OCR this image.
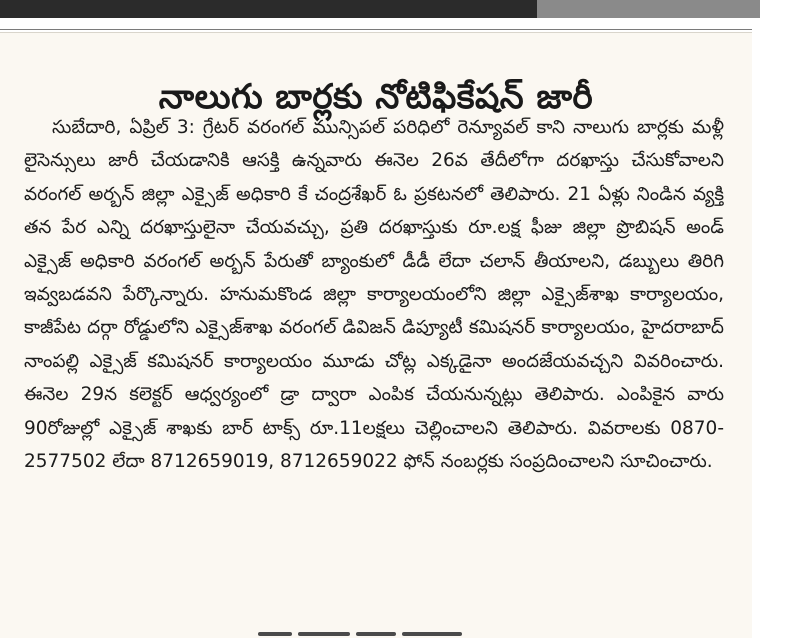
నాలుగు బార్లకు నోటిఫికేషన్ జారీ

సుబేదారి, ఏప్రిల్ 3: గ్రేటర్ వరంగల్ మున్సిపల్ పరిధిలో రెన్యూవల్ కాని నాలుగు బార్లకు మళ్లీ లైసెన్సులు జారీ చేయడానికి ఆసక్తి ఉన్నవారు ఈనెల 26వ తేదీలోగా దరఖాస్తు చేసుకోవాలని వరంగల్ అర్బన్ జిల్లా ఎక్సైజ్ అధికారి కే చంద్రశేఖర్ ఓ ప్రకటనలో తెలిపారు. 21 ఏళ్లు నిండిన వ్యక్తి తన పేర ఎన్ని దరఖాస్తులైనా చేయవచ్చు, ప్రతి దరఖాస్తుకు రూ.లక్ష ఫీజు జిల్లా ప్రొబిషన్ అండ్ ఎక్సైజ్ అధికారి వరంగల్ అర్బన్ పేరుతో బ్యాంకులో డీడీ లేదా చలాన్ తీయాలని, డబ్బులు తిరిగి ఇవ్వబడవని పేర్కొన్నారు. హనుమకొండ జిల్లా కార్యాలయంలోని జిల్లా ఎక్సైజ్‌శాఖ కార్యాలయం, కాజీపేట దర్గా రోడ్డులోని ఎక్సైజ్‌శాఖ వరంగల్ డివిజన్ డిప్యూటీ కమిషనర్ కార్యాలయం, హైదరాబాద్ నాంపల్లి ఎక్సైజ్ కమిషనర్ కార్యాలయం మూడు చోట్ల ఎక్కడైనా అందజేయవచ్చని వివరించారు. ఈనెల 29న కలెక్టర్ ఆధ్వర్యంలో డ్రా ద్వారా ఎంపిక చేయనున్నట్లు తెలిపారు. ఎంపికైన వారు 90రోజుల్లో ఎక్సైజ్ శాఖకు బార్ టాక్స్ రూ.11లక్షలు చెల్లించాలని తెలిపారు. వివరాలకు 0870-2577502 లేదా 8712659019, 8712659022 ఫోన్ నంబర్లకు సంప్రదించాలని సూచించారు.
